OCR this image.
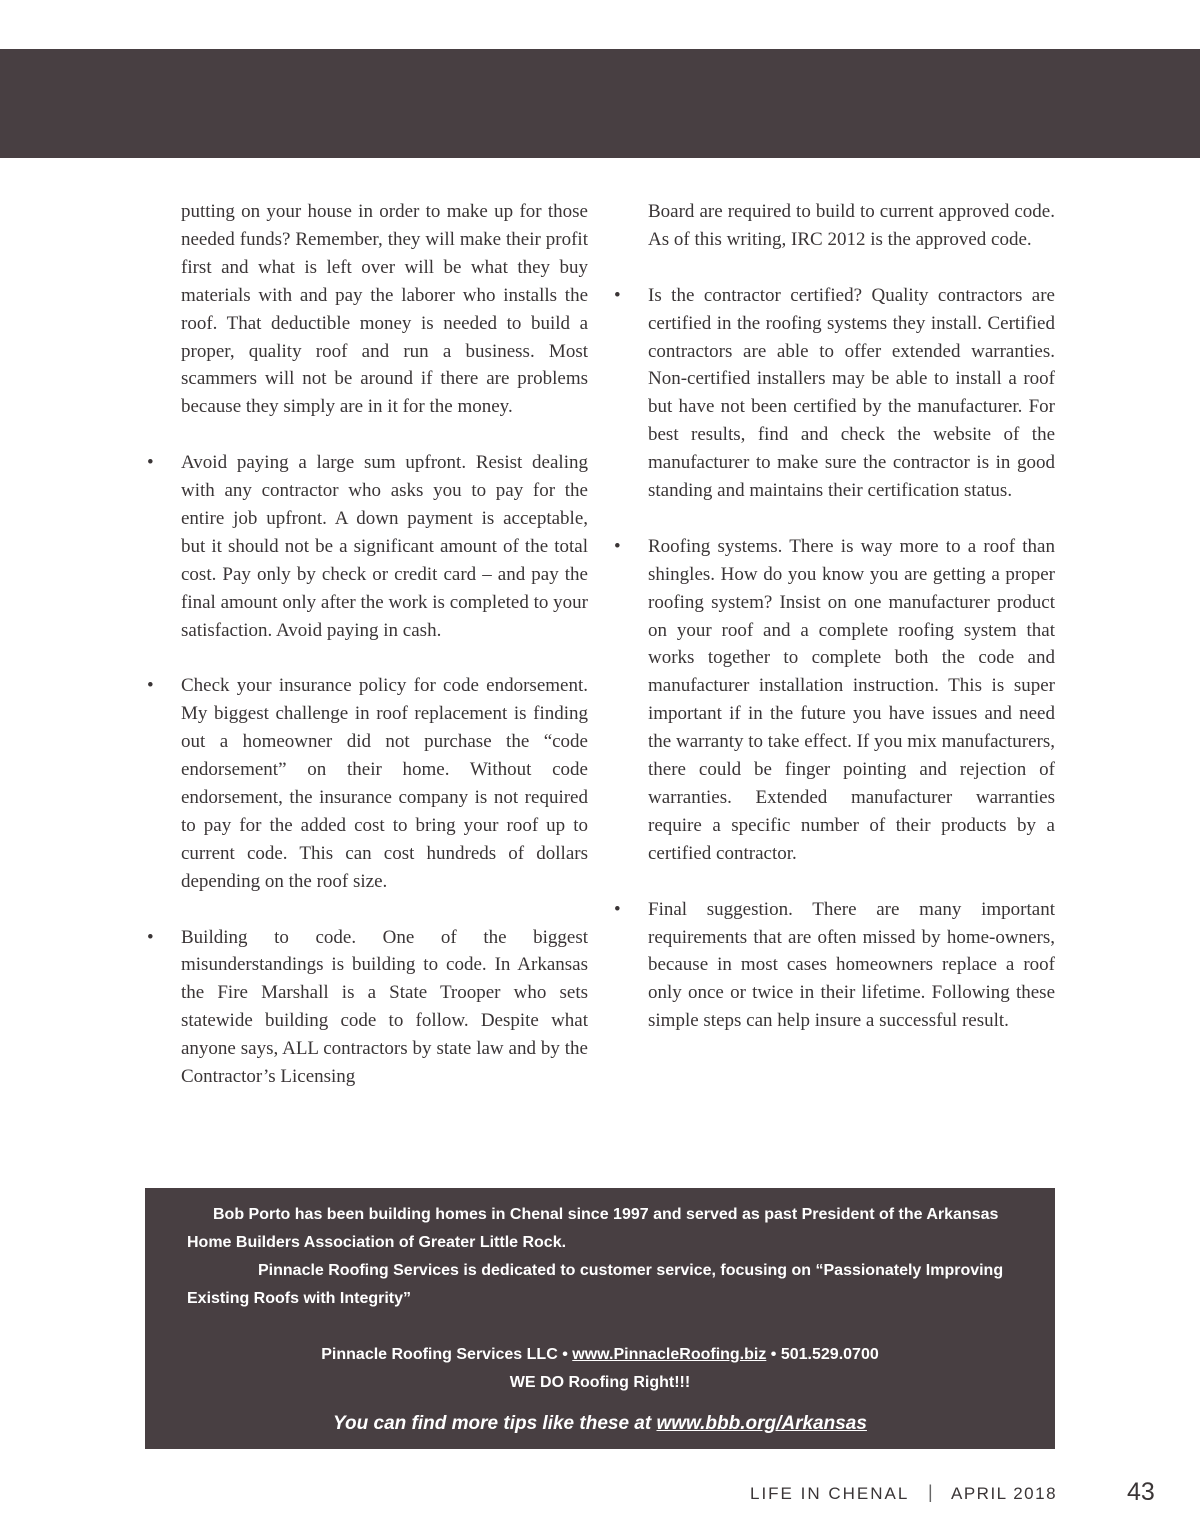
putting on your house in order to make up for those needed funds? Remember, they will make their profit first and what is left over will be what they buy materials with and pay the laborer who installs the roof. That deductible money is needed to build a proper, quality roof and run a business. Most scammers will not be around if there are problems because they simply are in it for the money.

• Avoid paying a large sum upfront. Resist dealing with any contractor who asks you to pay for the entire job upfront. A down payment is acceptable, but it should not be a significant amount of the total cost. Pay only by check or credit card – and pay the final amount only after the work is completed to your satisfaction. Avoid paying in cash.

• Check your insurance policy for code endorsement. My biggest challenge in roof replacement is finding out a homeowner did not purchase the “code endorsement” on their home. Without code endorsement, the insurance company is not required to pay for the added cost to bring your roof up to current code. This can cost hundreds of dollars depending on the roof size.

• Building to code. One of the biggest misunderstandings is building to code. In Arkansas the Fire Marshall is a State Trooper who sets statewide building code to follow. Despite what anyone says, ALL contractors by state law and by the Contractor’s Licensing

Board are required to build to current approved code. As of this writing, IRC 2012 is the approved code.

• Is the contractor certified? Quality contractors are certified in the roofing systems they install. Certified contractors are able to offer extended warranties. Non-certified installers may be able to install a roof but have not been certified by the manufacturer. For best results, find and check the website of the manufacturer to make sure the contractor is in good standing and maintains their certification status.

• Roofing systems. There is way more to a roof than shingles. How do you know you are getting a proper roofing system? Insist on one manufacturer product on your roof and a complete roofing system that works together to complete both the code and manufacturer installation instruction. This is super important if in the future you have issues and need the warranty to take effect. If you mix manufacturers, there could be finger pointing and rejection of warranties. Extended manufacturer warranties require a specific number of their products by a certified contractor.

• Final suggestion. There are many important requirements that are often missed by home-owners, because in most cases homeowners replace a roof only once or twice in their lifetime. Following these simple steps can help insure a successful result.

Bob Porto has been building homes in Chenal since 1997 and served as past President of the Arkansas
Home Builders Association of Greater Little Rock.
Pinnacle Roofing Services is dedicated to customer service, focusing on “Passionately Improving
Existing Roofs with Integrity”
Pinnacle Roofing Services LLC • www.PinnacleRoofing.biz • 501.529.0700
WE DO Roofing Right!!!
You can find more tips like these at www.bbb.org/Arkansas
LIFE IN CHENAL | APRIL 2018	43
